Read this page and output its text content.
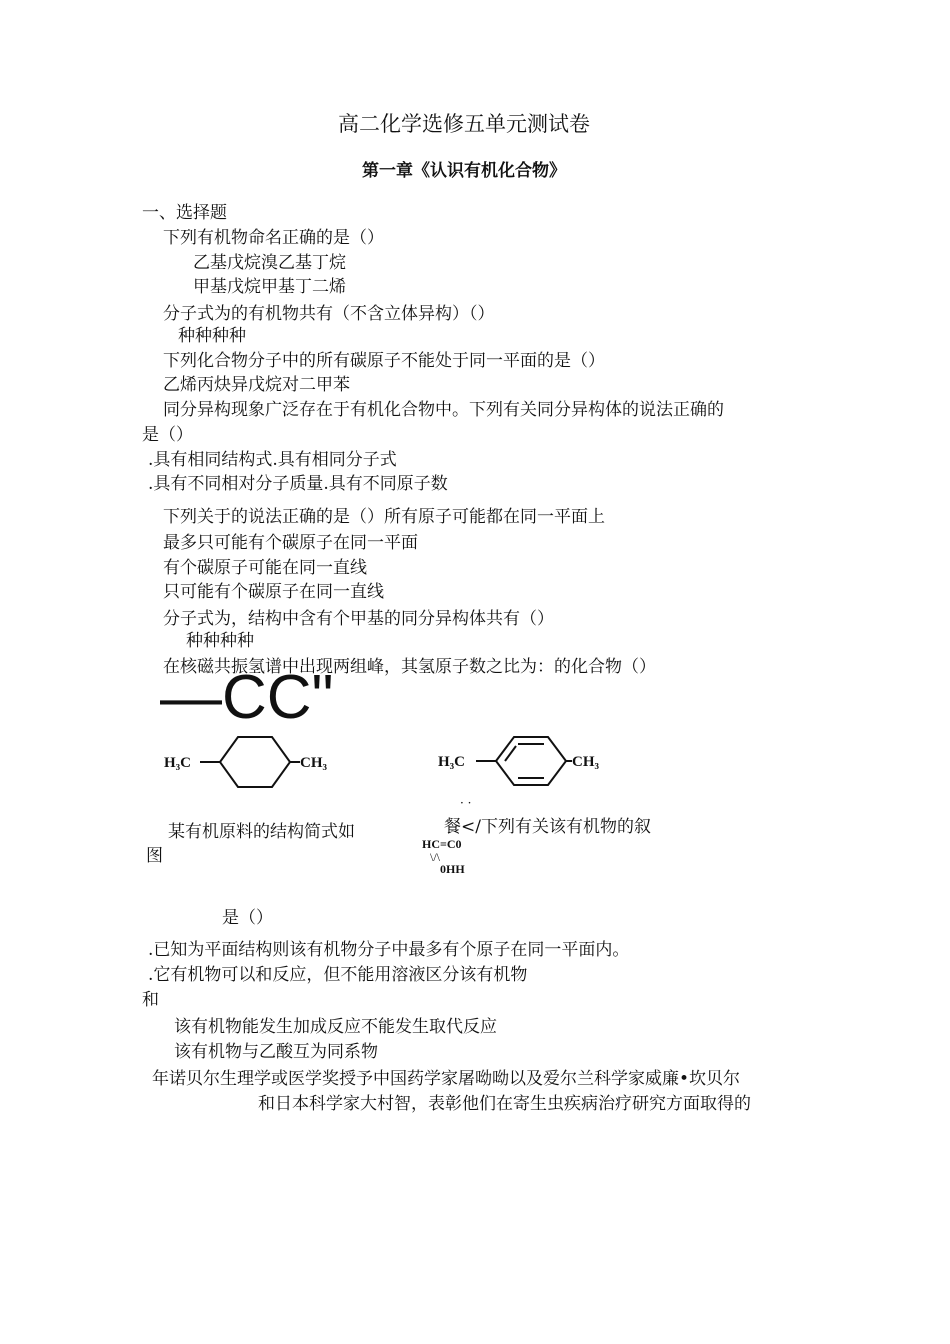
高二化学选修五单元测试卷
第一章《认识有机化合物》
一、选择题
下列有机物命名正确的是（）
乙基戊烷溴乙基丁烷
甲基戊烷甲基丁二烯
分子式为的有机物共有（不含立体异构）（）
种种种种
下列化合物分子中的所有碳原子不能处于同一平面的是（）
乙烯丙炔异戊烷对二甲苯
同分异构现象广泛存在于有机化合物中。下列有关同分异构体的说法正确的
是（）
.具有相同结构式.具有相同分子式
.具有不同相对分子质量.具有不同原子数
下列关于的说法正确的是（）所有原子可能都在同一平面上
最多只可能有个碳原子在同一平面
有个碳原子可能在同一直线
只可能有个碳原子在同一直线
分子式为，结构中含有个甲基的同分异构体共有（）
种种种种
在核磁共振氢谱中出现两组峰，其氢原子数之比为：的化合物（）
—CC"
H₃C	CH₃	H₃C	CH₃
· ·
某有机原料的结构简式如
图
餐</下列有关该有机物的叙
HC=C0
\/\
0HH
是（）
.已知为平面结构则该有机物分子中最多有个原子在同一平面内。
.它有机物可以和反应，但不能用溶液区分该有机物
和
该有机物能发生加成反应不能发生取代反应
该有机物与乙酸互为同系物
年诺贝尔生理学或医学奖授予中国药学家屠呦呦以及爱尔兰科学家威廉•坎贝尔
和日本科学家大村智，表彰他们在寄生虫疾病治疗研究方面取得的
